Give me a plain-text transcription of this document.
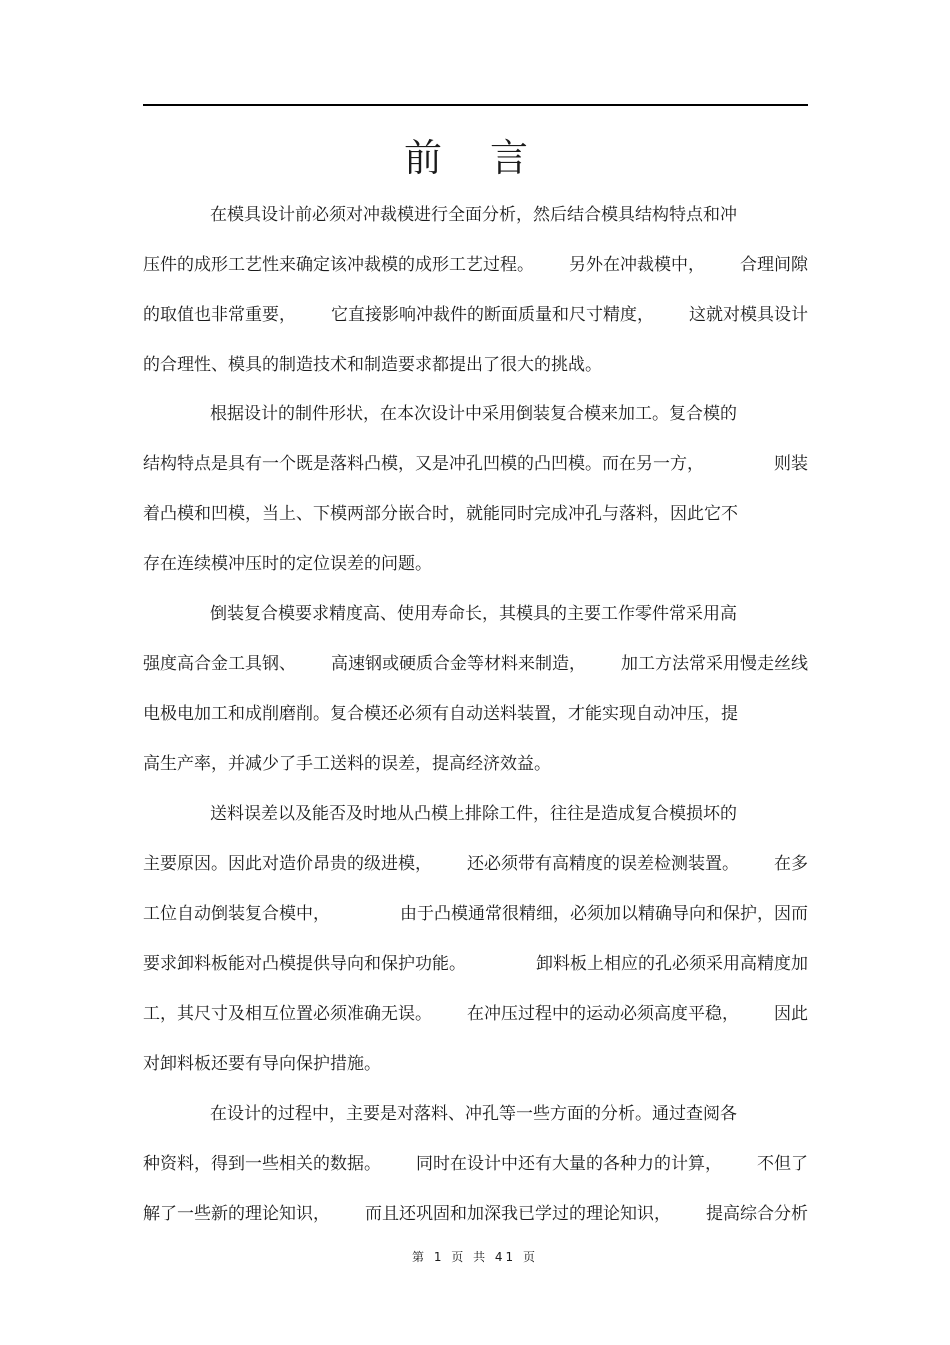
前 言
在模具设计前必须对冲裁模进行全面分析，然后结合模具结构特点和冲
压件的成形工艺性来确定该冲裁模的成形工艺过程。 另外在冲裁模中， 合理间隙
的取值也非常重要， 它直接影响冲裁件的断面质量和尺寸精度， 这就对模具设计
的合理性、模具的制造技术和制造要求都提出了很大的挑战。
根据设计的制件形状，在本次设计中采用倒装复合模来加工。复合模的
结构特点是具有一个既是落料凸模，又是冲孔凹模的凸凹模。而在另一方，	则装
着凸模和凹模，当上、下模两部分嵌合时，就能同时完成冲孔与落料，因此它不
存在连续模冲压时的定位误差的问题。
倒装复合模要求精度高、使用寿命长，其模具的主要工作零件常采用高
强度高合金工具钢、 高速钢或硬质合金等材料来制造， 加工方法常采用慢走丝线
电极电加工和成削磨削。复合模还必须有自动送料装置，才能实现自动冲压，提
高生产率，并减少了手工送料的误差，提高经济效益。
送料误差以及能否及时地从凸模上排除工件，往往是造成复合模损坏的
主要原因。因此对造价昂贵的级进模， 还必须带有高精度的误差检测装置。 在多
工位自动倒装复合模中，	由于凸模通常很精细，必须加以精确导向和保护，因而
要求卸料板能对凸模提供导向和保护功能。	卸料板上相应的孔必须采用高精度加
工，其尺寸及相互位置必须准确无误。 在冲压过程中的运动必须高度平稳， 因此
对卸料板还要有导向保护措施。
在设计的过程中，主要是对落料、冲孔等一些方面的分析。通过查阅各
种资料，得到一些相关的数据。 同时在设计中还有大量的各种力的计算， 不但了
解了一些新的理论知识， 而且还巩固和加深我已学过的理论知识， 提高综合分析
第 1 页 共 41 页
